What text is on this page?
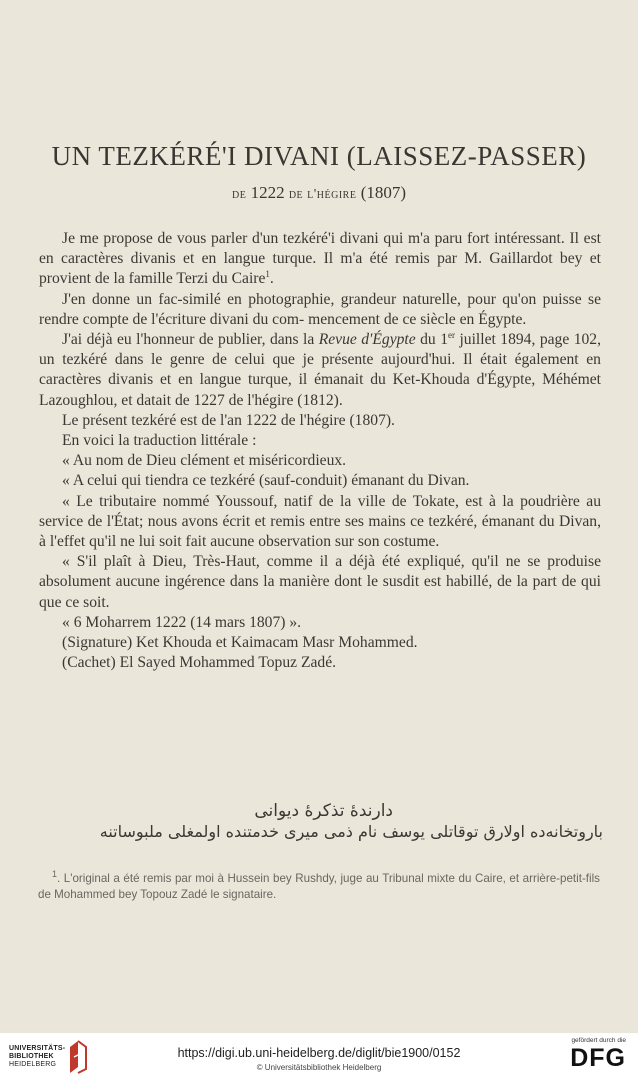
UN TEZKÉRÉ'I DIVANI (LAISSEZ-PASSER)
de 1222 de l'hégire (1807)

Je me propose de vous parler d'un tezkéré'i divani qui m'a paru fort intéressant. Il est en caractères divanis et en langue turque. Il m'a été remis par M. Gaillardot bey et provient de la famille Terzi du Caire$^1$.

J'en donne un fac-similé en photographie, grandeur naturelle, pour qu'on puisse se rendre compte de l'écriture divani du com- mencement de ce siècle en Égypte.

J'ai déjà eu l'honneur de publier, dans la Revue d'Égypte du 1er juillet 1894, page 102, un tezkéré dans le genre de celui que je présente aujourd'hui. Il était également en caractères divanis et en langue turque, il émanait du Ket-Khouda d'Égypte, Méhémet Lazoughlou, et datait de 1227 de l'hégire (1812).

Le présent tezkéré est de l'an 1222 de l'hégire (1807).

En voici la traduction littérale :

« Au nom de Dieu clément et miséricordieux.

« A celui qui tiendra ce tezkéré (sauf-conduit) émanant du Divan.

« Le tributaire nommé Youssouf, natif de la ville de Tokate, est à la poudrière au service de l'État; nous avons écrit et remis entre ses mains ce tezkéré, émanant du Divan, à l'effet qu'il ne lui soit fait aucune observation sur son costume.

« S'il plaît à Dieu, Très-Haut, comme il a déjà été expliqué, qu'il ne se produise absolument aucune ingérence dans la manière dont le susdit est habillé, de la part de qui que ce soit.

« 6 Moharrem 1222 (14 mars 1807) ».

(Signature) Ket Khouda et Kaimacam Masr Mohammed.

(Cachet) El Sayed Mohammed Topuz Zadé.

دارندهٔ تذكرهٔ ديوانى
باروتخانه‌ده اولارق توقاتلى يوسف نام ذمى ميرى خدمتنده اولمغلى ملبوساتنه

$^1$. L'original a été remis par moi à Hussein bey Rushdy, juge au Tribunal mixte du Caire, et arrière-petit-fils de Mohammed bey Topouz Zadé le signataire.

UNIVERSITÄTS-
BIBLIOTHEK
HEIDELBERG
https://digi.ub.uni-heidelberg.de/diglit/bie1900/0152
© Universitätsbibliothek Heidelberg
gefördert durch die
DFG
